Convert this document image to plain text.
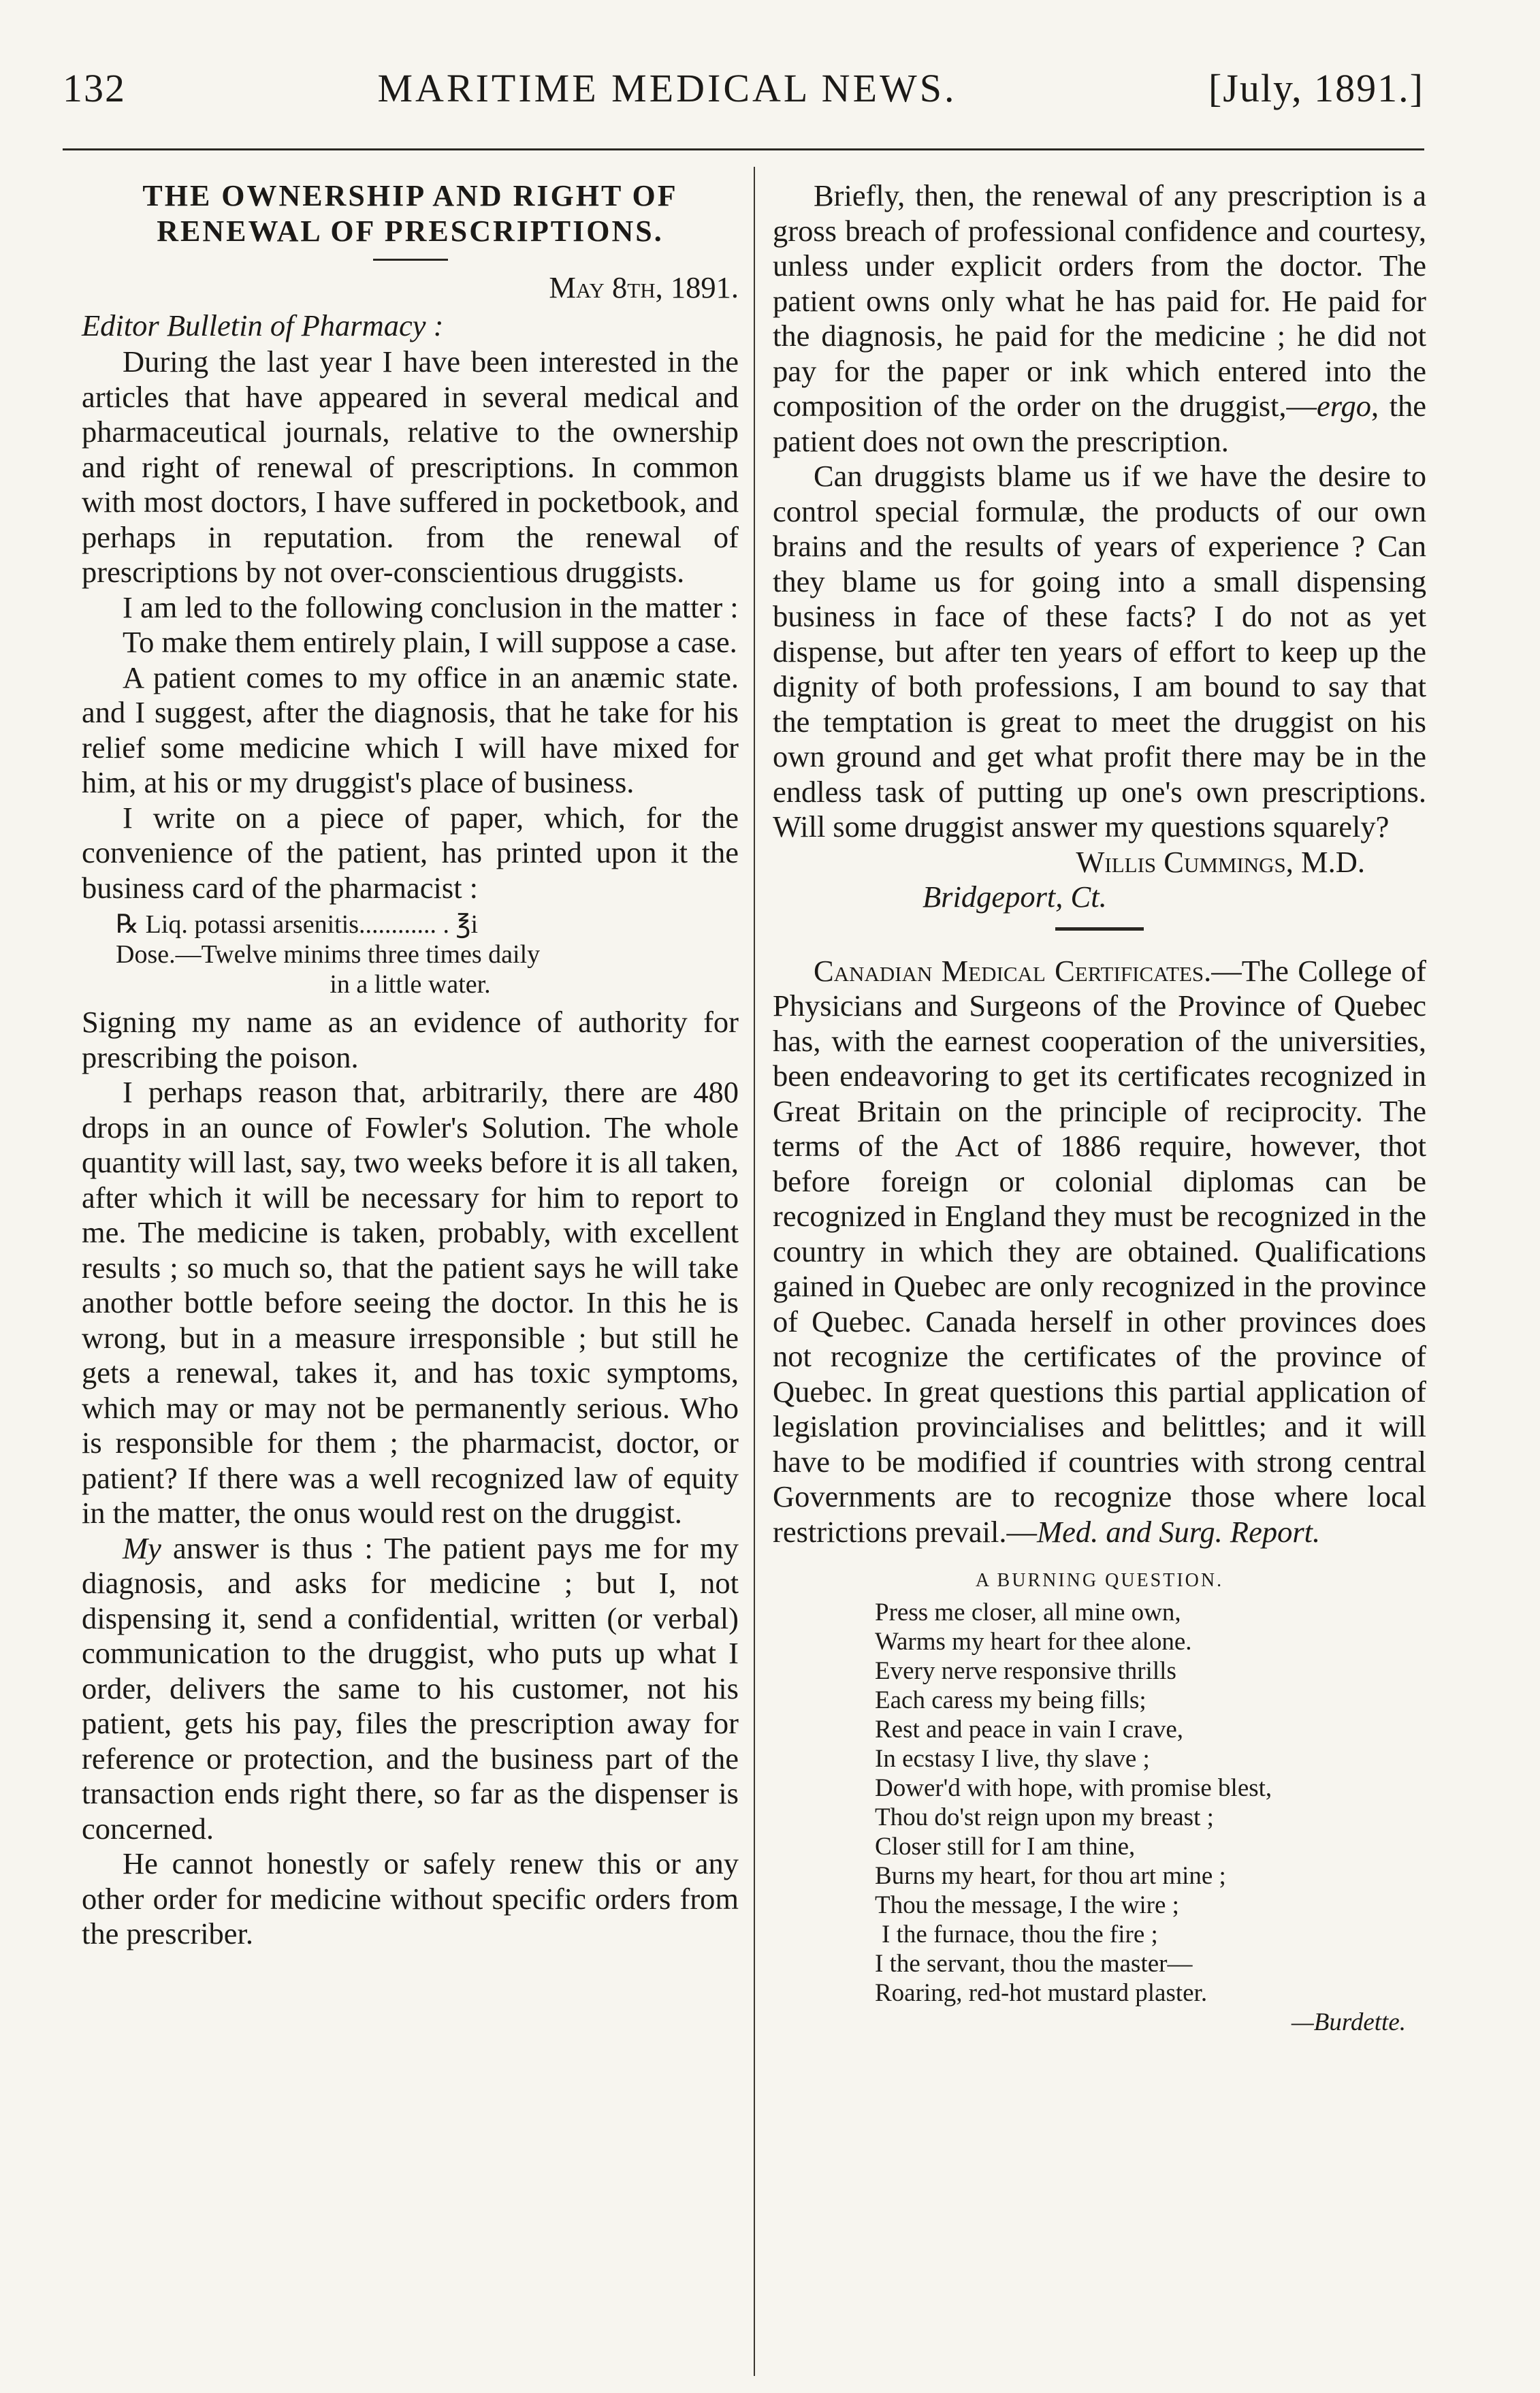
132	MARITIME MEDICAL NEWS.	[July, 1891.]
THE OWNERSHIP AND RIGHT OF RENEWAL OF PRESCRIPTIONS.
May 8th, 1891.
Editor Bulletin of Pharmacy :

During the last year I have been interested in the articles that have appeared in several medical and pharmaceutical journals, relative to the ownership and right of renewal of prescriptions. In common with most doctors, I have suffered in pocketbook, and perhaps in reputation. from the renewal of prescriptions by not over-conscientious druggists.

I am led to the following conclusion in the matter :

To make them entirely plain, I will suppose a case.

A patient comes to my office in an anæmic state. and I suggest, after the diagnosis, that he take for his relief some medicine which I will have mixed for him, at his or my druggist's place of business.

I write on a piece of paper, which, for the convenience of the patient, has printed upon it the business card of the pharmacist :

℞ Liq. potassi arsenitis............ . ℥i
Dose.—Twelve minims three times daily
in a little water.

Signing my name as an evidence of authority for prescribing the poison.

I perhaps reason that, arbitrarily, there are 480 drops in an ounce of Fowler's Solution. The whole quantity will last, say, two weeks before it is all taken, after which it will be necessary for him to report to me. The medicine is taken, probably, with excellent results ; so much so, that the patient says he will take another bottle before seeing the doctor. In this he is wrong, but in a measure irresponsible ; but still he gets a renewal, takes it, and has toxic symptoms, which may or may not be permanently serious. Who is responsible for them ; the pharmacist, doctor, or patient? If there was a well recognized law of equity in the matter, the onus would rest on the druggist.

My answer is thus : The patient pays me for my diagnosis, and asks for medicine ; but I, not dispensing it, send a confidential, written (or verbal) communication to the druggist, who puts up what I order, delivers the same to his customer, not his patient, gets his pay, files the prescription away for reference or protection, and the business part of the transaction ends right there, so far as the dispenser is concerned.

He cannot honestly or safely renew this or any other order for medicine without specific orders from the prescriber.

Briefly, then, the renewal of any prescription is a gross breach of professional confidence and courtesy, unless under explicit orders from the doctor. The patient owns only what he has paid for. He paid for the diagnosis, he paid for the medicine ; he did not pay for the paper or ink which entered into the composition of the order on the druggist,—ergo, the patient does not own the prescription.

Can druggists blame us if we have the desire to control special formulæ, the products of our own brains and the results of years of experience ? Can they blame us for going into a small dispensing business in face of these facts? I do not as yet dispense, but after ten years of effort to keep up the dignity of both professions, I am bound to say that the temptation is great to meet the druggist on his own ground and get what profit there may be in the endless task of putting up one's own prescriptions. Will some druggist answer my questions squarely?

Willis Cummings, M.D.
Bridgeport, Ct.

Canadian Medical Certificates.—The College of Physicians and Surgeons of the Province of Quebec has, with the earnest cooperation of the universities, been endeavoring to get its certificates recognized in Great Britain on the principle of reciprocity. The terms of the Act of 1886 require, however, thot before foreign or colonial diplomas can be recognized in England they must be recognized in the country in which they are obtained. Qualifications gained in Quebec are only recognized in the province of Quebec. Canada herself in other provinces does not recognize the certificates of the province of Quebec. In great questions this partial application of legislation provincialises and belittles; and it will have to be modified if countries with strong central Governments are to recognize those where local restrictions prevail.—Med. and Surg. Report.

A BURNING QUESTION.
Press me closer, all mine own,
Warms my heart for thee alone.
Every nerve responsive thrills
Each caress my being fills;
Rest and peace in vain I crave,
In ecstasy I live, thy slave ;
Dower'd with hope, with promise blest,
Thou do'st reign upon my breast ;
Closer still for I am thine,
Burns my heart, for thou art mine ;
Thou the message, I the wire ;
I the furnace, thou the fire ;
I the servant, thou the master—
Roaring, red-hot mustard plaster.
—Burdette.
